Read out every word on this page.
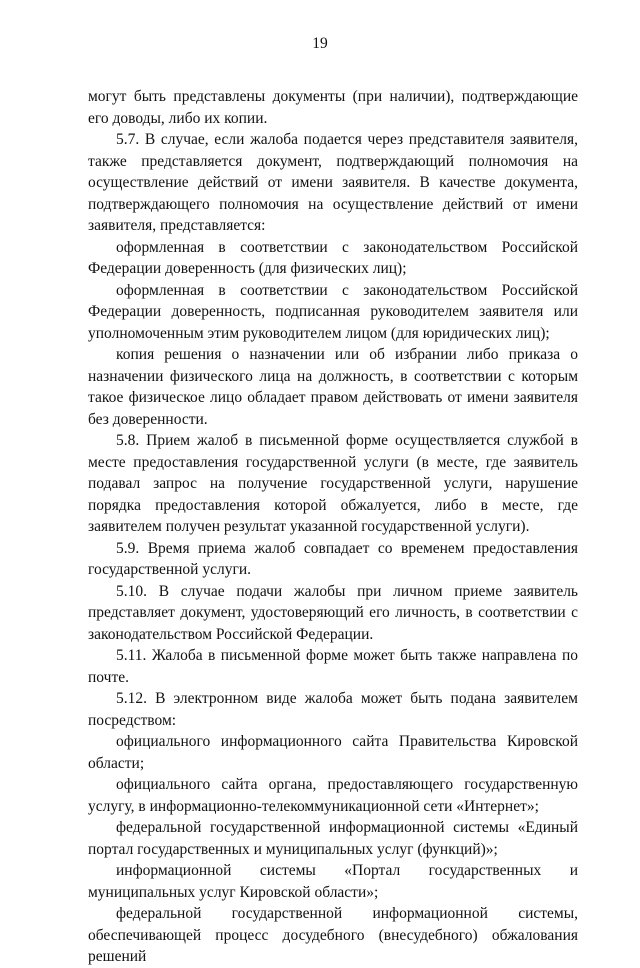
19

могут быть представлены документы (при наличии), подтверждающие его доводы, либо их копии.

5.7. В случае, если жалоба подается через представителя заявителя, также представляется документ, подтверждающий полномочия на осуществление действий от имени заявителя. В качестве документа, подтверждающего полномочия на осуществление действий от имени заявителя, представляется:

оформленная в соответствии с законодательством Российской Федерации доверенность (для физических лиц);

оформленная в соответствии с законодательством Российской Федерации доверенность, подписанная руководителем заявителя или уполномоченным этим руководителем лицом (для юридических лиц);

копия решения о назначении или об избрании либо приказа о назначении физического лица на должность, в соответствии с которым такое физическое лицо обладает правом действовать от имени заявителя без доверенности.

5.8. Прием жалоб в письменной форме осуществляется службой в месте предоставления государственной услуги (в месте, где заявитель подавал запрос на получение государственной услуги, нарушение порядка предоставления которой обжалуется, либо в месте, где заявителем получен результат указанной государственной услуги).

5.9. Время приема жалоб совпадает со временем предоставления государственной услуги.

5.10. В случае подачи жалобы при личном приеме заявитель представляет документ, удостоверяющий его личность, в соответствии с законодательством Российской Федерации.

5.11. Жалоба в письменной форме может быть также направлена по почте.

5.12. В электронном виде жалоба может быть подана заявителем посредством:

официального информационного сайта Правительства Кировской области;

официального сайта органа, предоставляющего государственную услугу, в информационно-телекоммуникационной сети «Интернет»;

федеральной государственной информационной системы «Единый портал государственных и муниципальных услуг (функций)»;

информационной системы «Портал государственных и муниципальных услуг Кировской области»;

федеральной государственной информационной системы, обеспечивающей процесс досудебного (внесудебного) обжалования решений
